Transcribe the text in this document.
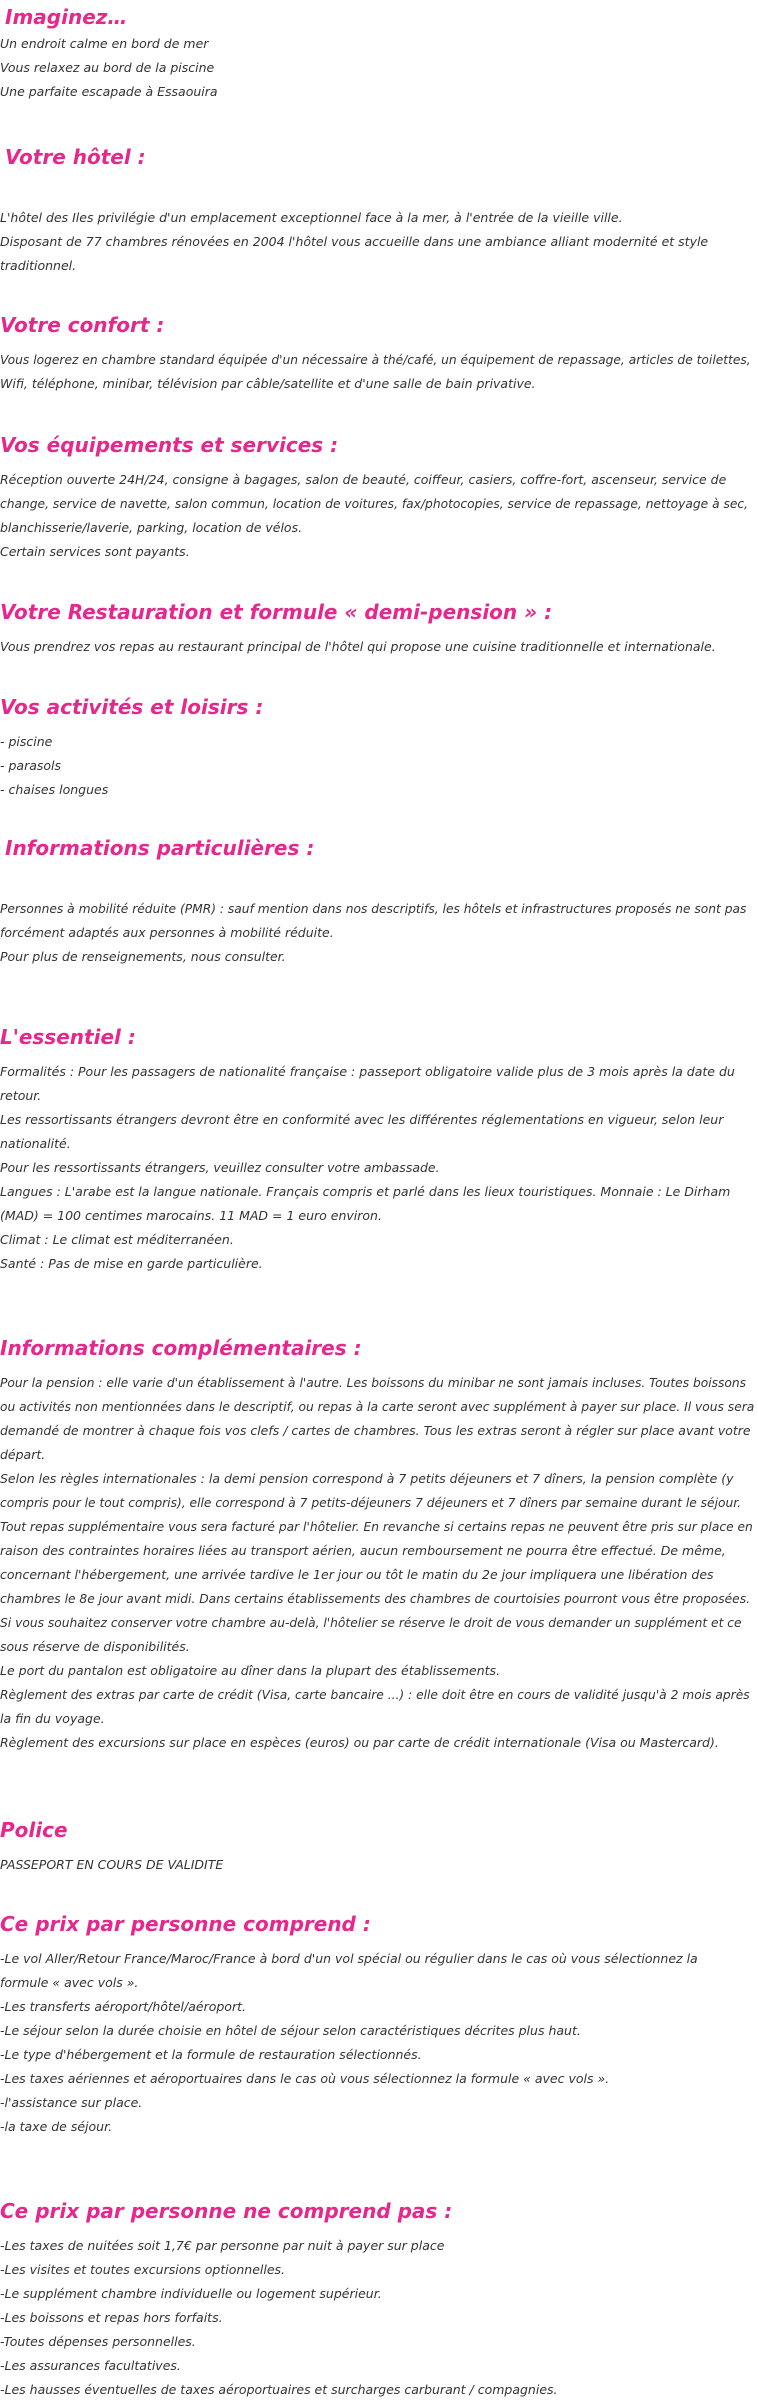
Imaginez…
Un endroit calme en bord de mer
Vous relaxez au bord de la piscine
Une parfaite escapade à Essaouira
Votre hôtel :
L'hôtel des Iles privilégie d'un emplacement exceptionnel face à la mer, à l'entrée de la vieille ville.
Disposant de 77 chambres rénovées en 2004 l'hôtel vous accueille dans une ambiance alliant modernité et style
traditionnel.
Votre confort :
Vous logerez en chambre standard équipée d'un nécessaire à thé/café, un équipement de repassage, articles de toilettes,
Wifi, téléphone, minibar, télévision par câble/satellite et d'une salle de bain privative.
Vos équipements et services :
Réception ouverte 24H/24, consigne à bagages, salon de beauté, coiffeur, casiers, coffre-fort, ascenseur, service de
change, service de navette, salon commun, location de voitures, fax/photocopies, service de repassage, nettoyage à sec,
blanchisserie/laverie, parking, location de vélos.
Certain services sont payants.
Votre Restauration et formule « demi-pension » :
Vous prendrez vos repas au restaurant principal de l'hôtel qui propose une cuisine traditionnelle et internationale.
Vos activités et loisirs :
- piscine
- parasols
- chaises longues
Informations particulières :
Personnes à mobilité réduite (PMR) : sauf mention dans nos descriptifs, les hôtels et infrastructures proposés ne sont pas
forcément adaptés aux personnes à mobilité réduite.
Pour plus de renseignements, nous consulter.
L'essentiel :
Formalités : Pour les passagers de nationalité française : passeport obligatoire valide plus de 3 mois après la date du
retour.
Les ressortissants étrangers devront être en conformité avec les différentes réglementations en vigueur, selon leur
nationalité.
Pour les ressortissants étrangers, veuillez consulter votre ambassade.
Langues : L'arabe est la langue nationale. Français compris et parlé dans les lieux touristiques. Monnaie : Le Dirham
(MAD) = 100 centimes marocains. 11 MAD = 1 euro environ.
Climat : Le climat est méditerranéen.
Santé : Pas de mise en garde particulière.
Informations complémentaires :
Pour la pension : elle varie d'un établissement à l'autre. Les boissons du minibar ne sont jamais incluses. Toutes boissons
ou activités non mentionnées dans le descriptif, ou repas à la carte seront avec supplément à payer sur place. Il vous sera
demandé de montrer à chaque fois vos clefs / cartes de chambres. Tous les extras seront à régler sur place avant votre
départ.
Selon les règles internationales : la demi pension correspond à 7 petits déjeuners et 7 dîners, la pension complète (y
compris pour le tout compris), elle correspond à 7 petits-déjeuners 7 déjeuners et 7 dîners par semaine durant le séjour.
Tout repas supplémentaire vous sera facturé par l'hôtelier. En revanche si certains repas ne peuvent être pris sur place en
raison des contraintes horaires liées au transport aérien, aucun remboursement ne pourra être effectué. De même,
concernant l'hébergement, une arrivée tardive le 1er jour ou tôt le matin du 2e jour impliquera une libération des
chambres le 8e jour avant midi. Dans certains établissements des chambres de courtoisies pourront vous être proposées.
Si vous souhaitez conserver votre chambre au-delà, l'hôtelier se réserve le droit de vous demander un supplément et ce
sous réserve de disponibilités.
Le port du pantalon est obligatoire au dîner dans la plupart des établissements.
Règlement des extras par carte de crédit (Visa, carte bancaire ...) : elle doit être en cours de validité jusqu'à 2 mois après
la fin du voyage.
Règlement des excursions sur place en espèces (euros) ou par carte de crédit internationale (Visa ou Mastercard).
Police
PASSEPORT EN COURS DE VALIDITE
Ce prix par personne comprend :
-Le vol Aller/Retour France/Maroc/France à bord d'un vol spécial ou régulier dans le cas où vous sélectionnez la
formule « avec vols ».
-Les transferts aéroport/hôtel/aéroport.
-Le séjour selon la durée choisie en hôtel de séjour selon caractéristiques décrites plus haut.
-Le type d'hébergement et la formule de restauration sélectionnés.
-Les taxes aériennes et aéroportuaires dans le cas où vous sélectionnez la formule « avec vols ».
-l'assistance sur place.
-la taxe de séjour.
Ce prix par personne ne comprend pas :
-Les taxes de nuitées soit 1,7€ par personne par nuit à payer sur place
-Les visites et toutes excursions optionnelles.
-Le supplément chambre individuelle ou logement supérieur.
-Les boissons et repas hors forfaits.
-Toutes dépenses personnelles.
-Les assurances facultatives.
-Les hausses éventuelles de taxes aéroportuaires et surcharges carburant / compagnies.
